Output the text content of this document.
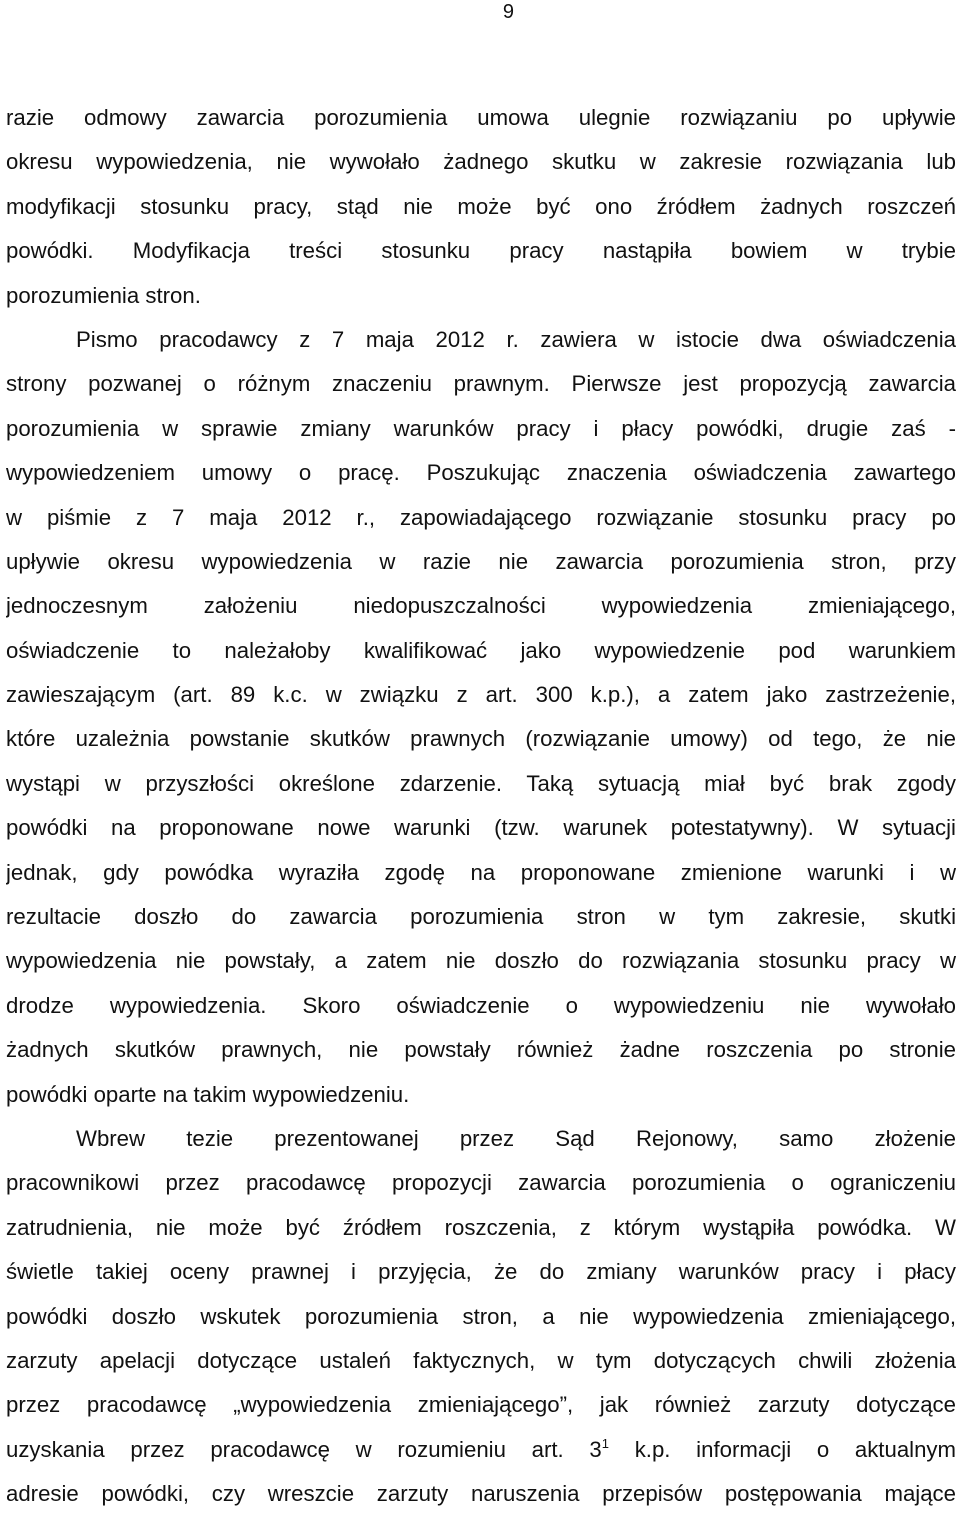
9
razie odmowy zawarcia porozumienia umowa ulegnie rozwiązaniu po upływie
okresu wypowiedzenia, nie wywołało żadnego skutku w zakresie rozwiązania lub
modyfikacji stosunku pracy, stąd nie może być ono źródłem żadnych roszczeń
powódki. Modyfikacja treści stosunku pracy nastąpiła bowiem w trybie
porozumienia stron.
Pismo pracodawcy z 7 maja 2012 r. zawiera w istocie dwa oświadczenia
strony pozwanej o różnym znaczeniu prawnym. Pierwsze jest propozycją zawarcia
porozumienia w sprawie zmiany warunków pracy i płacy powódki, drugie zaś -
wypowiedzeniem umowy o pracę. Poszukując znaczenia oświadczenia zawartego
w piśmie z 7 maja 2012 r., zapowiadającego rozwiązanie stosunku pracy po
upływie okresu wypowiedzenia w razie nie zawarcia porozumienia stron, przy
jednoczesnym założeniu niedopuszczalności wypowiedzenia zmieniającego,
oświadczenie to należałoby kwalifikować jako wypowiedzenie pod warunkiem
zawieszającym (art. 89 k.c. w związku z art. 300 k.p.), a zatem jako zastrzeżenie,
które uzależnia powstanie skutków prawnych (rozwiązanie umowy) od tego, że nie
wystąpi w przyszłości określone zdarzenie. Taką sytuacją miał być brak zgody
powódki na proponowane nowe warunki (tzw. warunek potestatywny). W sytuacji
jednak, gdy powódka wyraziła zgodę na proponowane zmienione warunki i w
rezultacie doszło do zawarcia porozumienia stron w tym zakresie, skutki
wypowiedzenia nie powstały, a zatem nie doszło do rozwiązania stosunku pracy w
drodze wypowiedzenia. Skoro oświadczenie o wypowiedzeniu nie wywołało
żadnych skutków prawnych, nie powstały również żadne roszczenia po stronie
powódki oparte na takim wypowiedzeniu.
Wbrew tezie prezentowanej przez Sąd Rejonowy, samo złożenie
pracownikowi przez pracodawcę propozycji zawarcia porozumienia o ograniczeniu
zatrudnienia, nie może być źródłem roszczenia, z którym wystąpiła powódka. W
świetle takiej oceny prawnej i przyjęcia, że do zmiany warunków pracy i płacy
powódki doszło wskutek porozumienia stron, a nie wypowiedzenia zmieniającego,
zarzuty apelacji dotyczące ustaleń faktycznych, w tym dotyczących chwili złożenia
przez pracodawcę „wypowiedzenia zmieniającego”, jak również zarzuty dotyczące
uzyskania przez pracodawcę w rozumieniu art. $3^1$ k.p. informacji o aktualnym
adresie powódki, czy wreszcie zarzuty naruszenia przepisów postępowania mające
